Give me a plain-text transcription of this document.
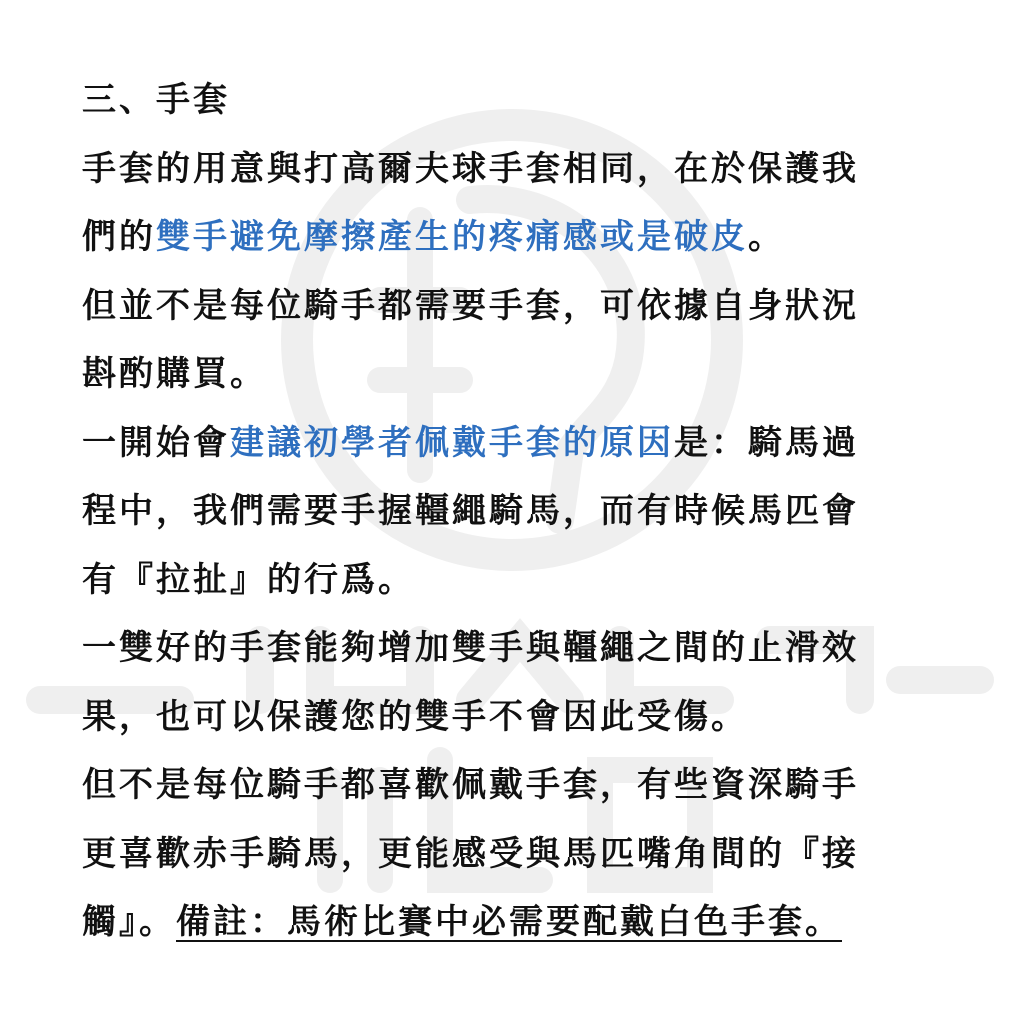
三、手套

手套的用意與打高爾夫球手套相同，在於保護我

們的雙手避免摩擦產生的疼痛感或是破皮。

但並不是每位騎手都需要手套，可依據自身狀況

斟酌購買。

一開始會建議初學者佩戴手套的原因是：騎馬過

程中，我們需要手握韁繩騎馬，而有時候馬匹會

有『拉扯』的行爲。

一雙好的手套能夠增加雙手與韁繩之間的止滑效

果，也可以保護您的雙手不會因此受傷。

但不是每位騎手都喜歡佩戴手套，有些資深騎手

更喜歡赤手騎馬，更能感受與馬匹嘴角間的『接

觸』。備註：馬術比賽中必需要配戴白色手套。
